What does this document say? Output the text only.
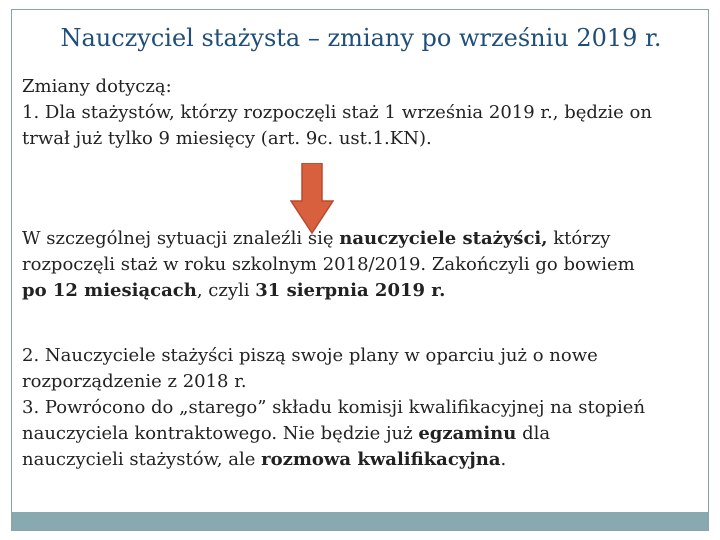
Nauczyciel stażysta – zmiany po wrześniu 2019 r.

Zmiany dotyczą:
1. Dla stażystów, którzy rozpoczęli staż 1 września 2019 r., będzie on
trwał już tylko 9 miesięcy (art. 9c. ust.1.KN).

W szczególnej sytuacji znaleźli się nauczyciele stażyści, którzy
rozpoczęli staż w roku szkolnym 2018/2019. Zakończyli go bowiem
po 12 miesiącach, czyli 31 sierpnia 2019 r.

2. Nauczyciele stażyści piszą swoje plany w oparciu już o nowe
rozporządzenie z 2018 r.
3. Powrócono do „starego” składu komisji kwalifikacyjnej na stopień
nauczyciela kontraktowego. Nie będzie już egzaminu dla
nauczycieli stażystów, ale rozmowa kwalifikacyjna.
